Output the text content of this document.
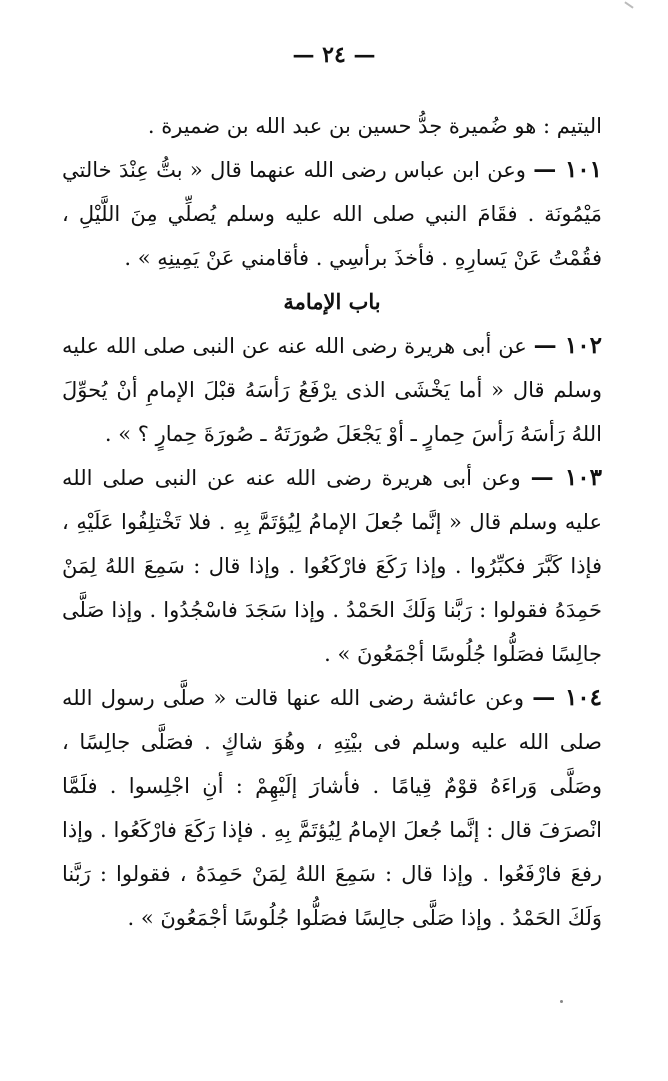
— ٢٤ —

اليتيم : هو ضُميرة جدُّ حسين بن عبد الله بن ضميرة .

١٠١ — وعن ابن عباس رضى الله عنهما قال « بتُّ عِنْدَ خالتي مَيْمُونَة . فقَامَ النبي صلى الله عليه وسلم يُصلِّي مِنَ اللَّيْلِ ، فقُمْتُ عَنْ يَسارِهِ . فأخذَ برأسِي . فأقامني عَنْ يَمِينِهِ » .

باب الإمامة

١٠٢ — عن أبى هريرة رضى الله عنه عن النبى صلى الله عليه وسلم قال « أما يَخْشَى الذى يرْفَعُ رَأسَهُ قبْلَ الإمامِ أنْ يُحوِّلَ اللهُ رَأسَهُ رَأسَ حِمارٍ ـ أوْ يَجْعَلَ صُورَتَهُ ـ صُورَةَ حِمارٍ ؟ » .

١٠٣ — وعن أبى هريرة رضى الله عنه عن النبى صلى الله عليه وسلم قال « إنَّما جُعلَ الإمامُ لِيُؤتَمَّ بِهِ . فلا تَخْتلِفُوا عَلَيْهِ ، فإذا كَبَّرَ فكبِّرُوا . وإذا رَكَعَ فارْكَعُوا . وإذا قال : سَمِعَ اللهُ لِمَنْ حَمِدَهُ فقولوا : رَبَّنا وَلَكَ الحَمْدُ . وإذا سَجَدَ فاسْجُدُوا . وإذا صَلَّى جالِسًا فصَلُّوا جُلُوسًا أجْمَعُونَ » .

١٠٤ — وعن عائشة رضى الله عنها قالت « صلَّى رسول الله صلى الله عليه وسلم فى بيْتِهِ ، وهُوَ شاكٍ . فصَلَّى جالِسًا ، وصَلَّى وَراءَهُ قوْمٌ قِيامًا . فأشارَ إلَيْهِمْ : أنِ اجْلِسوا . فلَمَّا انْصرَفَ قال : إنَّما جُعلَ الإمامُ لِيُؤتَمَّ بِهِ . فإذا رَكَعَ فارْكَعُوا . وإذا رفعَ فارْفَعُوا . وإذا قال : سَمِعَ اللهُ لِمَنْ حَمِدَهُ ، فقولوا : رَبَّنا وَلَكَ الحَمْدُ . وإذا صَلَّى جالِسًا فصَلُّوا جُلُوسًا أجْمَعُونَ » .
